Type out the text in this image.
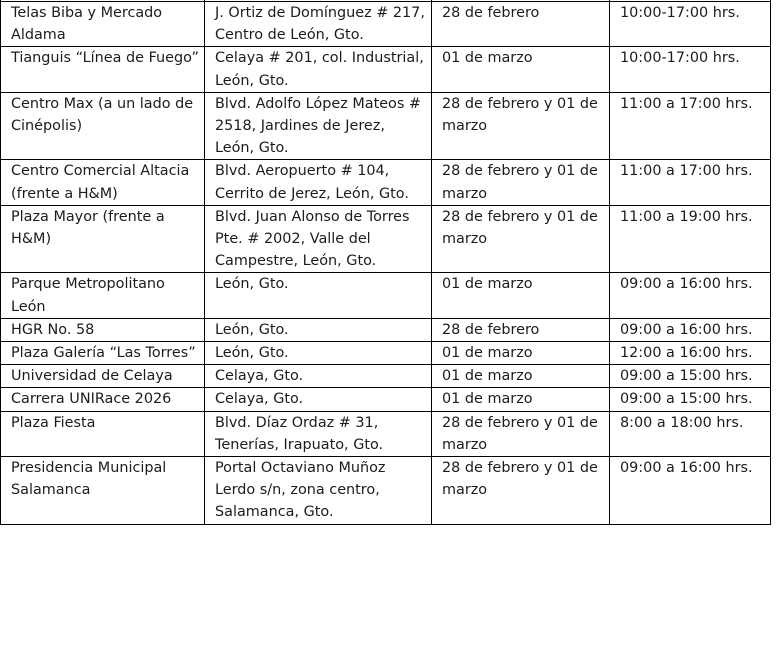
Telas Biba y Mercado Aldama	J. Ortiz de Domínguez # 217, Centro de León, Gto.	28 de febrero	10:00-17:00 hrs.
Tianguis “Línea de Fuego”	Celaya # 201, col. Industrial, León, Gto.	01 de marzo	10:00-17:00 hrs.
Centro Max (a un lado de Cinépolis)	Blvd. Adolfo López Mateos # 2518, Jardines de Jerez, León, Gto.	28 de febrero y 01 de marzo	11:00 a 17:00 hrs.
Centro Comercial Altacia (frente a H&M)	Blvd. Aeropuerto # 104, Cerrito de Jerez, León, Gto.	28 de febrero y 01 de marzo	11:00 a 17:00 hrs.
Plaza Mayor (frente a H&M)	Blvd. Juan Alonso de Torres Pte. # 2002, Valle del Campestre, León, Gto.	28 de febrero y 01 de marzo	11:00 a 19:00 hrs.
Parque Metropolitano León	León, Gto.	01 de marzo	09:00 a 16:00 hrs.
HGR No. 58	León, Gto.	28 de febrero	09:00 a 16:00 hrs.
Plaza Galería “Las Torres”	León, Gto.	01 de marzo	12:00 a 16:00 hrs.
Universidad de Celaya	Celaya, Gto.	01 de marzo	09:00 a 15:00 hrs.
Carrera UNIRace 2026	Celaya, Gto.	01 de marzo	09:00 a 15:00 hrs.
Plaza Fiesta	Blvd. Díaz Ordaz # 31, Tenerías, Irapuato, Gto.	28 de febrero y 01 de marzo	8:00 a 18:00 hrs.
Presidencia Municipal Salamanca	Portal Octaviano Muñoz Lerdo s/n, zona centro, Salamanca, Gto.	28 de febrero y 01 de marzo	09:00 a 16:00 hrs.
